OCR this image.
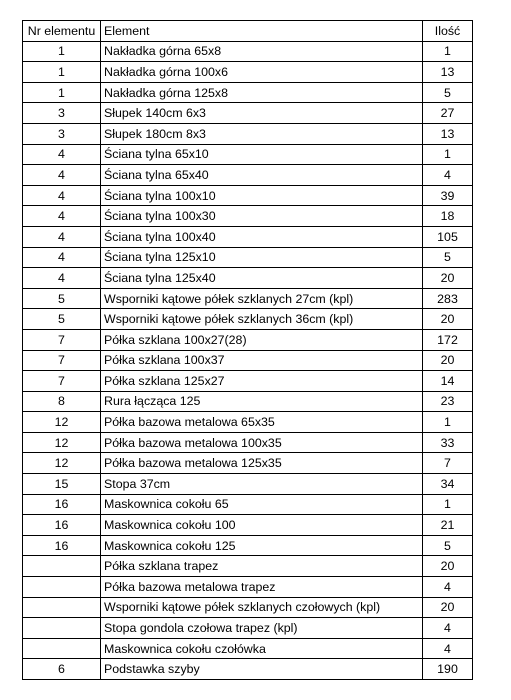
Nr elementu	Element	Ilość
1	Nakładka górna 65x8	1
1	Nakładka górna 100x6	13
1	Nakładka górna 125x8	5
3	Słupek 140cm 6x3	27
3	Słupek 180cm 8x3	13
4	Ściana tylna 65x10	1
4	Ściana tylna 65x40	4
4	Ściana tylna 100x10	39
4	Ściana tylna 100x30	18
4	Ściana tylna 100x40	105
4	Ściana tylna 125x10	5
4	Ściana tylna 125x40	20
5	Wsporniki kątowe półek szklanych 27cm (kpl)	283
5	Wsporniki kątowe półek szklanych 36cm (kpl)	20
7	Półka szklana 100x27(28)	172
7	Półka szklana 100x37	20
7	Półka szklana 125x27	14
8	Rura łącząca 125	23
12	Półka bazowa metalowa 65x35	1
12	Półka bazowa metalowa 100x35	33
12	Półka bazowa metalowa 125x35	7
15	Stopa 37cm	34
16	Maskownica cokołu 65	1
16	Maskownica cokołu 100	21
16	Maskownica cokołu 125	5
	Półka szklana trapez	20
	Półka bazowa metalowa trapez	4
	Wsporniki kątowe półek szklanych czołowych (kpl)	20
	Stopa gondola czołowa trapez (kpl)	4
	Maskownica cokołu czołówka	4
6	Podstawka szyby	190
